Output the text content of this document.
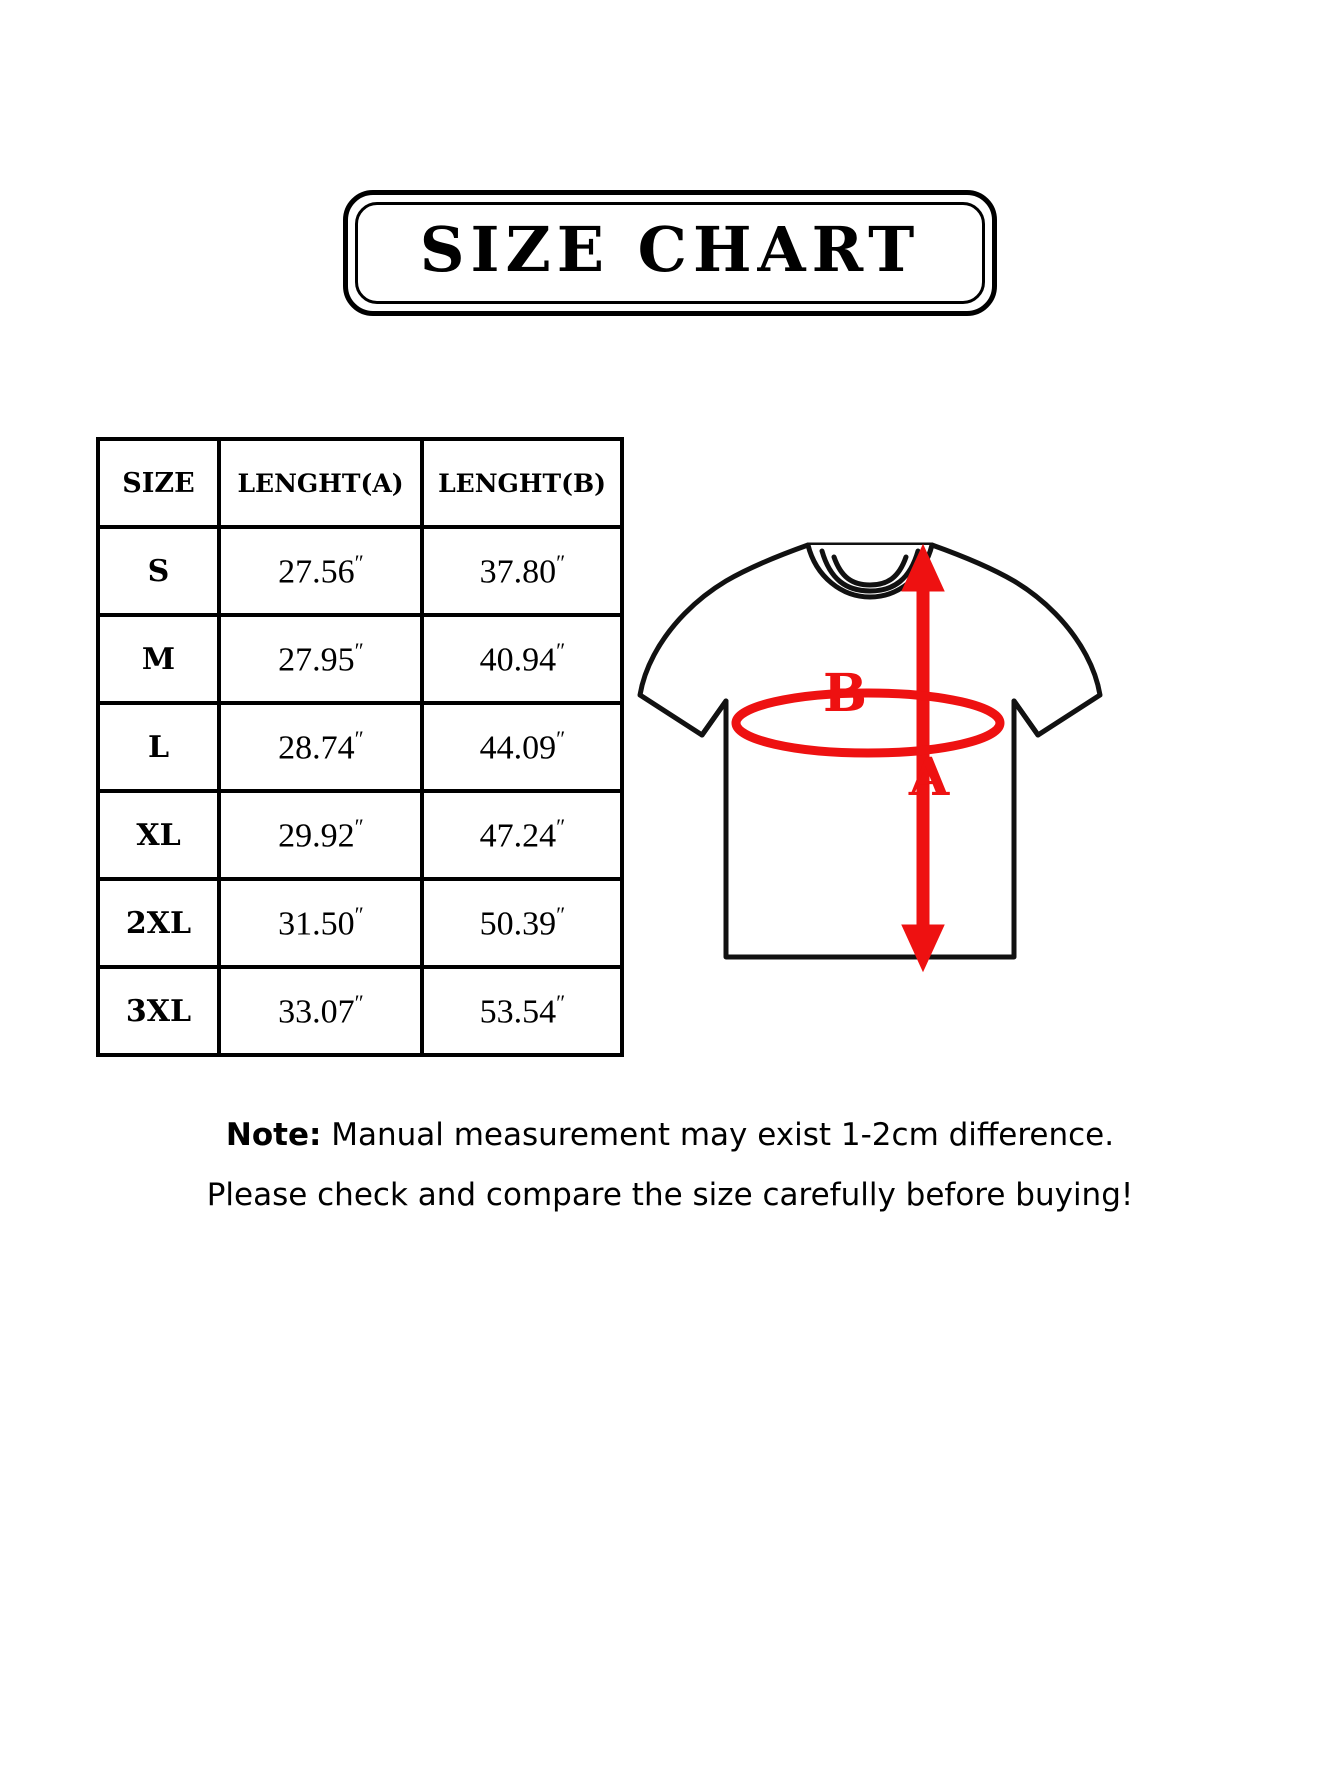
SIZE CHART
SIZE	LENGHT(A)	LENGHT(B)
S	27.56″	37.80″
M	27.95″	40.94″
L	28.74″	44.09″
XL	29.92″	47.24″
2XL	31.50″	50.39″
3XL	33.07″	53.54″
B
A
Note: Manual measurement may exist 1-2cm difference.
Please check and compare the size carefully before buying!
